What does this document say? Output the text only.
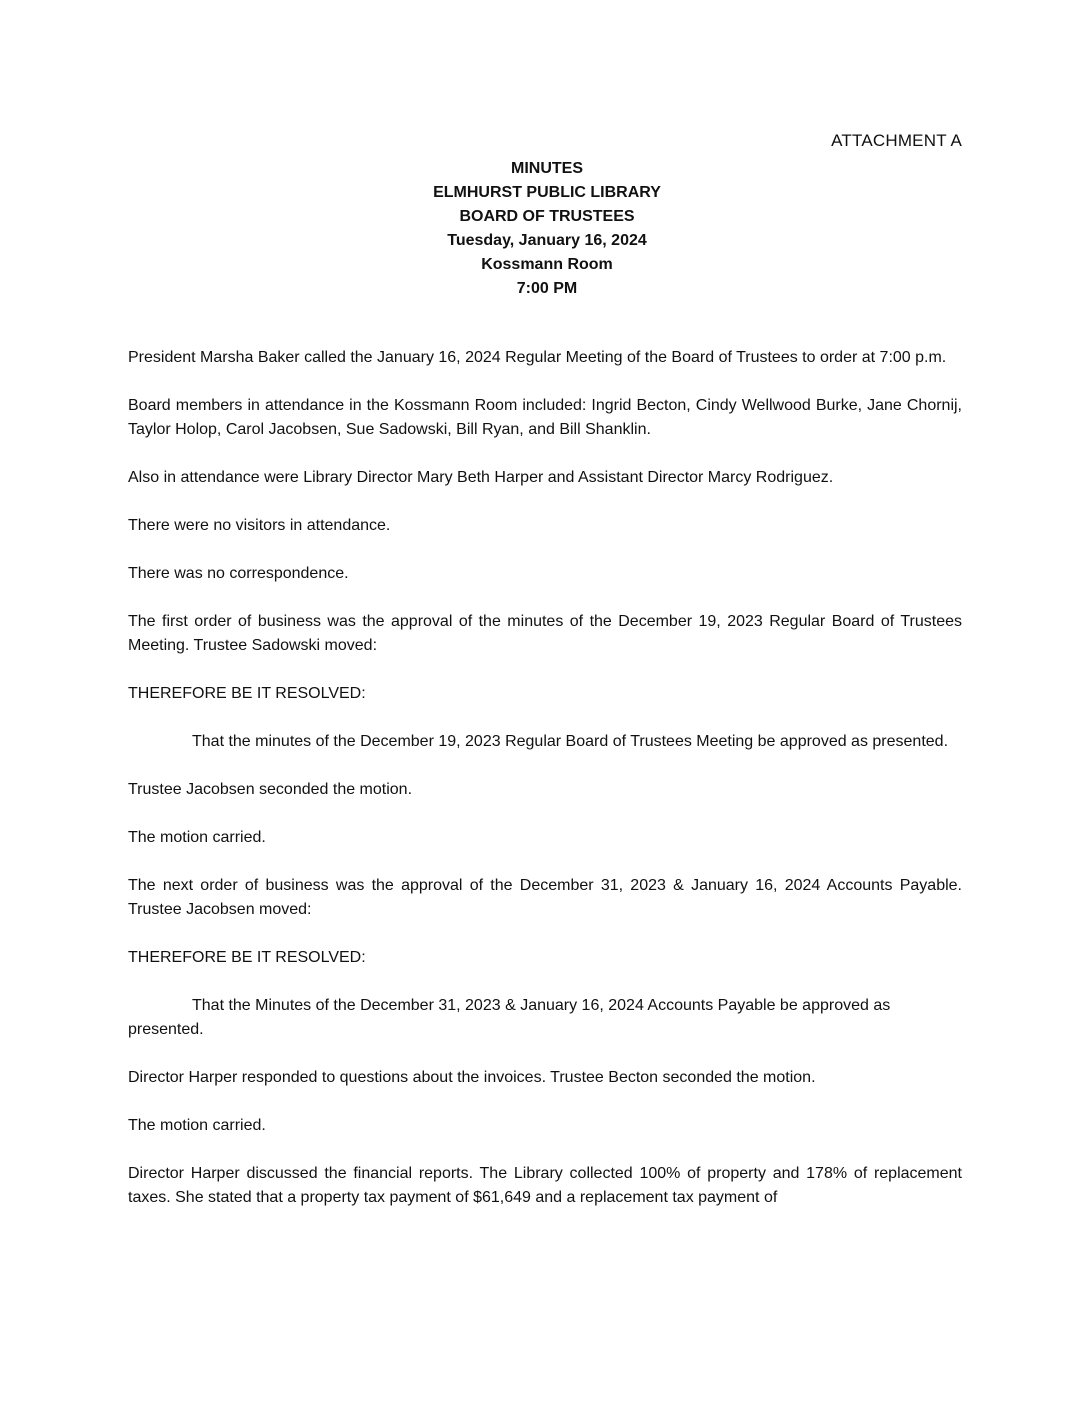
ATTACHMENT A
MINUTES
ELMHURST PUBLIC LIBRARY
BOARD OF TRUSTEES
Tuesday, January 16, 2024
Kossmann Room
7:00 PM

President Marsha Baker called the January 16, 2024 Regular Meeting of the Board of Trustees to order at 7:00 p.m.

Board members in attendance in the Kossmann Room included: Ingrid Becton, Cindy Wellwood Burke, Jane Chornij, Taylor Holop, Carol Jacobsen, Sue Sadowski, Bill Ryan, and Bill Shanklin.

Also in attendance were Library Director Mary Beth Harper and Assistant Director Marcy Rodriguez.

There were no visitors in attendance.

There was no correspondence.

The first order of business was the approval of the minutes of the December 19, 2023 Regular Board of Trustees Meeting. Trustee Sadowski moved:

THEREFORE BE IT RESOLVED:

That the minutes of the December 19, 2023 Regular Board of Trustees Meeting be approved as presented.

Trustee Jacobsen seconded the motion.

The motion carried.

The next order of business was the approval of the December 31, 2023 & January 16, 2024 Accounts Payable. Trustee Jacobsen moved:

THEREFORE BE IT RESOLVED:

That the Minutes of the December 31, 2023 & January 16, 2024 Accounts Payable be approved as presented.

Director Harper responded to questions about the invoices. Trustee Becton seconded the motion.

The motion carried.

Director Harper discussed the financial reports. The Library collected 100% of property and 178% of replacement taxes. She stated that a property tax payment of $61,649 and a replacement tax payment of
